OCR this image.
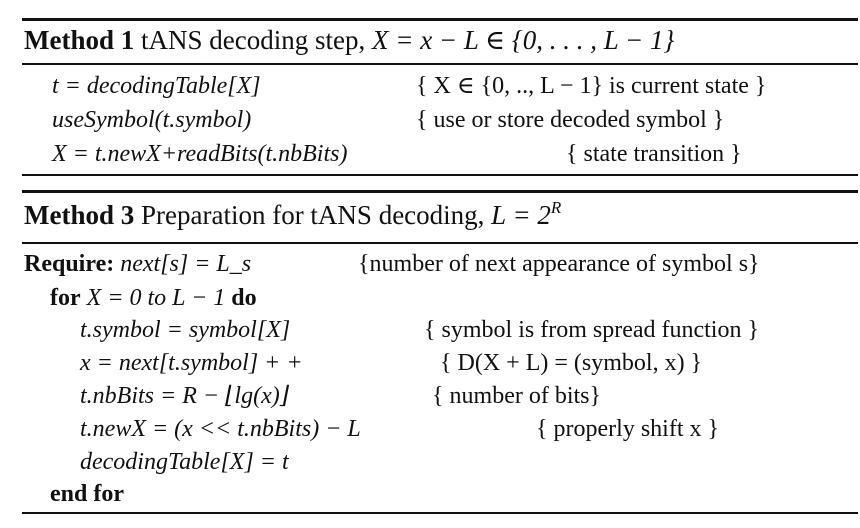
Method 1 tANS decoding step, X = x − L ∈ {0, . . . , L − 1}
t = decodingTable[X]	{ X ∈ {0, .., L − 1} is current state }
useSymbol(t.symbol)	{ use or store decoded symbol }
X = t.newX+readBits(t.nbBits)	{ state transition }
Method 3 Preparation for tANS decoding, $L = 2^R$
Require: next[s] = L_s	{number of next appearance of symbol s}
for X = 0 to L − 1 do
t.symbol = symbol[X]	{ symbol is from spread function }
x = next[t.symbol] + +	{ D(X + L) = (symbol, x) }
t.nbBits = R − ⌊lg(x)⌋	{ number of bits}
t.newX = (x << t.nbBits) − L	{ properly shift x }
decodingTable[X] = t
end for
